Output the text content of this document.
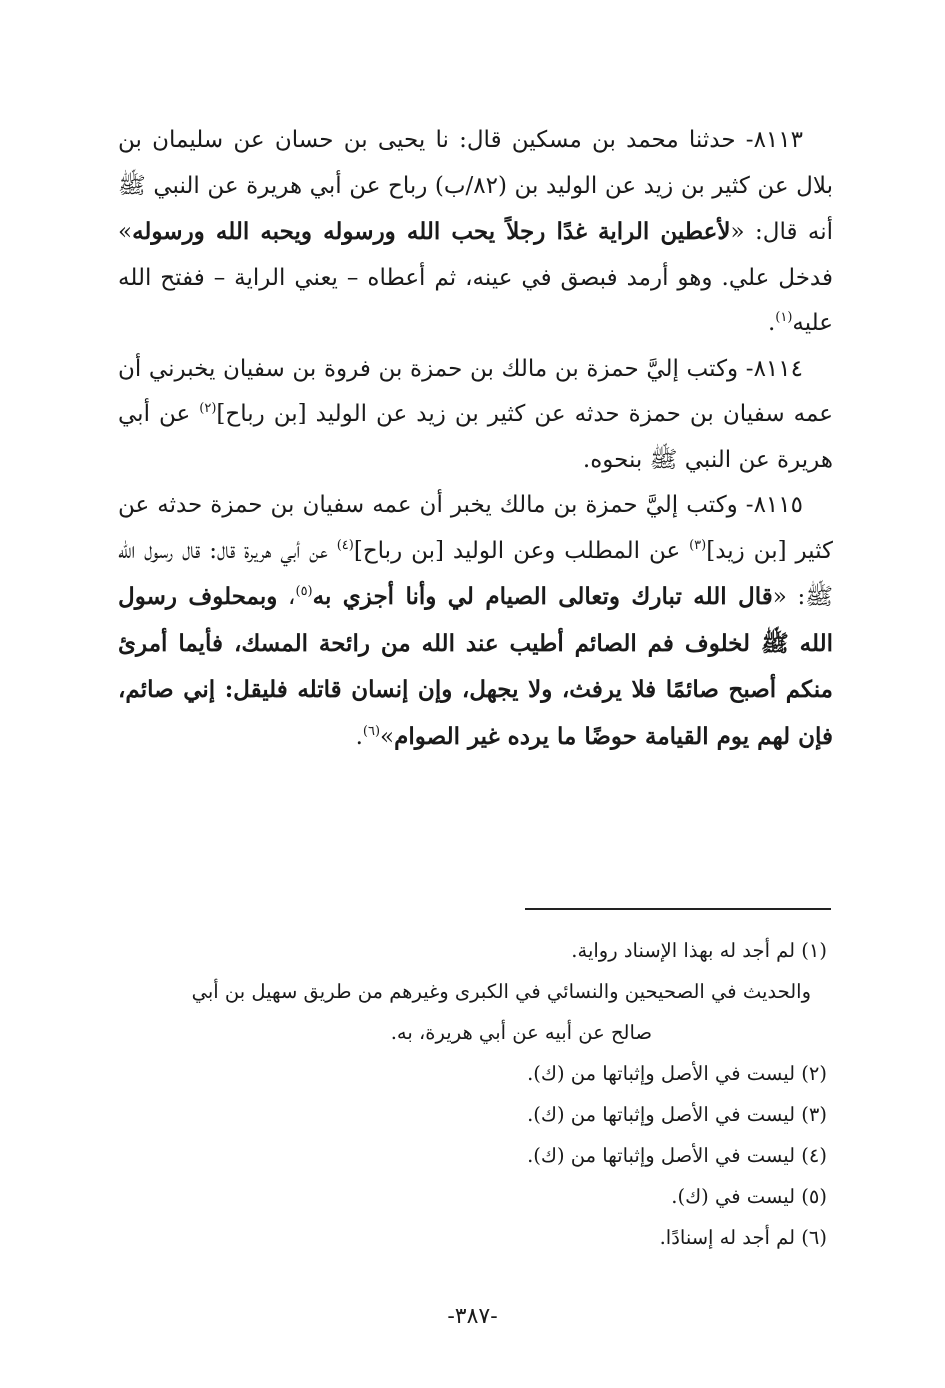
٨١١٣- حدثنا محمد بن مسكين قال: نا يحيى بن حسان عن سليمان بن بلال عن كثير بن زيد عن الوليد بن (٨٢/ب) رباح عن أبي هريرة عن النبي ﷺ أنه قال: «لأعطين الراية غدًا رجلاً يحب الله ورسوله ويحبه الله ورسوله» فدخل علي. وهو أرمد فبصق في عينه، ثم أعطاه – يعني الراية – ففتح الله عليه$^{(١)}$.

٨١١٤- وكتب إليَّ حمزة بن مالك بن حمزة بن فروة بن سفيان يخبرني أن عمه سفيان بن حمزة حدثه عن كثير بن زيد عن الوليد [بن رباح]$^{(٢)}$ عن أبي هريرة عن النبي ﷺ بنحوه.

٨١١٥- وكتب إليَّ حمزة بن مالك يخبر أن عمه سفيان بن حمزة حدثه عن كثير [بن زيد]$^{(٣)}$ عن المطلب وعن الوليد [بن رباح]$^{(٤)}$ عن أبي هريرة قال: قال رسول الله ﷺ: «قال الله تبارك وتعالى الصيام لي وأنا أجزي به$^{(٥)}$، وبمحلوف رسول الله ﷺ لخلوف فم الصائم أطيب عند الله من رائحة المسك، فأيما أمرئ منكم أصبح صائمًا فلا يرفث، ولا يجهل، وإن إنسان قاتله فليقل: إني صائم، فإن لهم يوم القيامة حوضًا ما يرده غير الصوام»$^{(٦)}$.

(١) لم أجد له بهذا الإسناد رواية.
والحديث في الصحيحين والنسائي في الكبرى وغيرهم من طريق سهيل بن أبي
صالح عن أبيه عن أبي هريرة، به.
(٢) ليست في الأصل وإثباتها من (ك).
(٣) ليست في الأصل وإثباتها من (ك).
(٤) ليست في الأصل وإثباتها من (ك).
(٥) ليست في (ك).
(٦) لم أجد له إسنادًا.
-٣٨٧-
